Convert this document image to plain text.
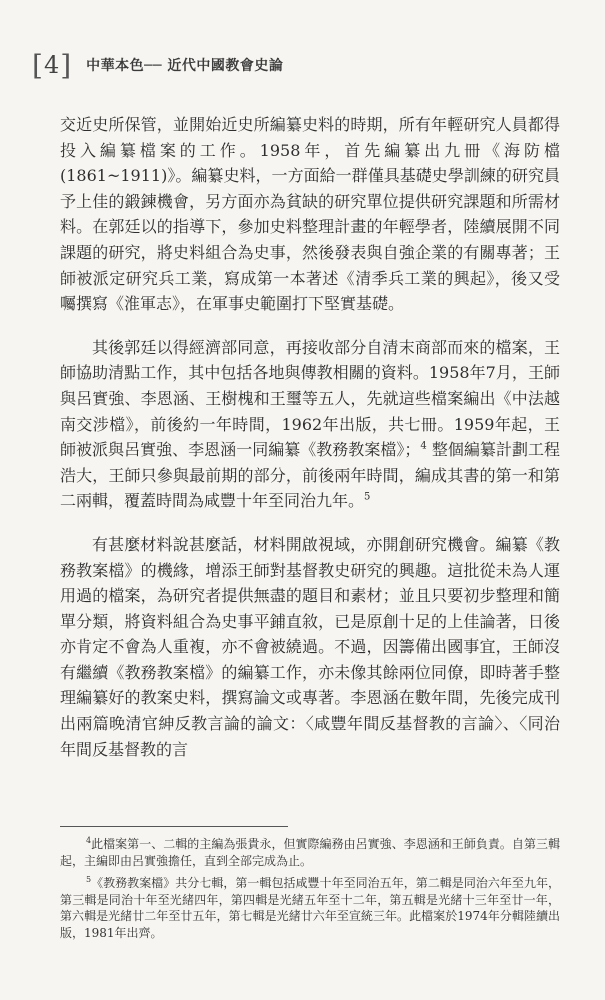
[ 4 ] 中華本色── 近代中國教會史論

交近史所保管，並開始近史所編纂史料的時期，所有年輕研究人員都得投入編纂檔案的工作。1958年，首先編纂出九冊《海防檔(1861~1911)》。編纂史料，一方面給一群僅具基礎史學訓練的研究員予上佳的鍛鍊機會，另方面亦為貧缺的研究單位提供研究課題和所需材料。在郭廷以的指導下，參加史料整理計畫的年輕學者，陸續展開不同課題的研究，將史料組合為史事，然後發表與自強企業的有關專著；王師被派定研究兵工業，寫成第一本著述《清季兵工業的興起》，後又受囑撰寫《淮軍志》，在軍事史範圍打下堅實基礎。

其後郭廷以得經濟部同意，再接收部分自清末商部而來的檔案，王師協助清點工作，其中包括各地與傳教相關的資料。1958年7月，王師與呂實強、李恩涵、王樹槐和王璽等五人，先就這些檔案編出《中法越南交涉檔》，前後約一年時間，1962年出版，共七冊。1959年起，王師被派與呂實強、李恩涵一同編纂《教務教案檔》；$^4$ 整個編纂計劃工程浩大，王師只參與最前期的部分，前後兩年時間，編成其書的第一和第二兩輯，覆蓋時間為咸豐十年至同治九年。$^5$

有甚麼材料說甚麼話，材料開啟視域，亦開創研究機會。編纂《教務教案檔》的機緣，增添王師對基督教史研究的興趣。這批從未為人運用過的檔案，為研究者提供無盡的題目和素材；並且只要初步整理和簡單分類，將資料組合為史事平鋪直敘，已是原創十足的上佳論著，日後亦肯定不會為人重複，亦不會被繞過。不過，因籌備出國事宜，王師沒有繼續《教務教案檔》的編纂工作，亦未像其餘兩位同僚，即時著手整理編纂好的教案史料，撰寫論文或專著。李恩涵在數年間，先後完成刊出兩篇晚清官紳反教言論的論文：〈咸豐年間反基督教的言論〉、〈同治年間反基督教的言

$^4$此檔案第一、二輯的主編為張貴永，但實際編務由呂實強、李恩涵和王師負責。自第三輯起，主編即由呂實強擔任，直到全部完成為止。

$^5$《教務教案檔》共分七輯，第一輯包括咸豐十年至同治五年，第二輯是同治六年至九年，第三輯是同治十年至光緒四年，第四輯是光緒五年至十二年，第五輯是光緒十三年至廿一年，第六輯是光緒廿二年至廿五年，第七輯是光緒廿六年至宣統三年。此檔案於1974年分輯陸續出版，1981年出齊。
